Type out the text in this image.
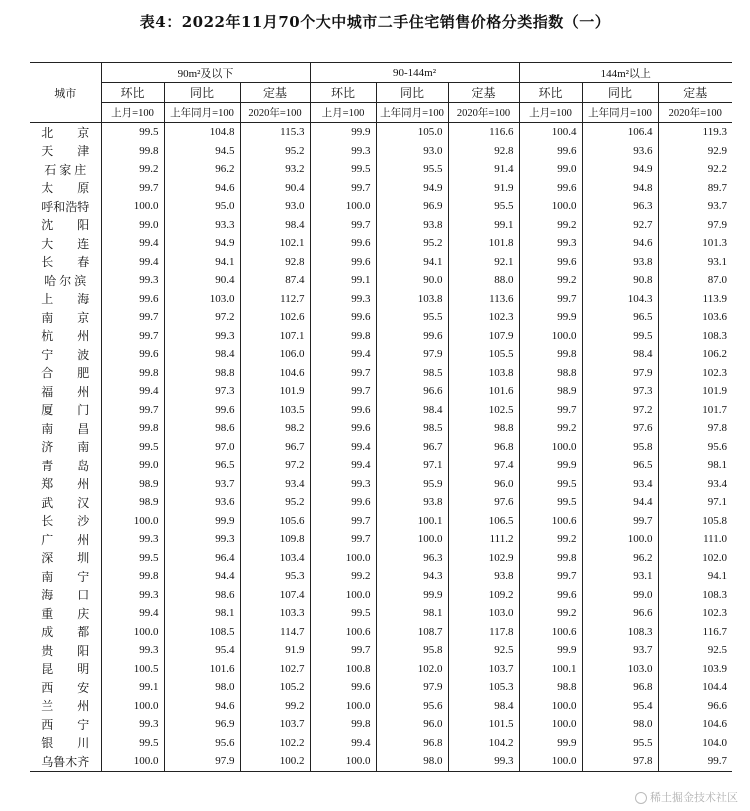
表4：2022年11月70个大中城市二手住宅销售价格分类指数（一）
城市	90m²及以下			90-144m²			144m²以上		
	环比	同比	定基	环比	同比	定基	环比	同比	定基
	上月=100	上年同月=100	2020年=100	上月=100	上年同月=100	2020年=100	上月=100	上年同月=100	2020年=100
北　　京	99.5	104.8	115.3	99.9	105.0	116.6	100.4	106.4	119.3
天　　津	99.8	94.5	95.2	99.3	93.0	92.8	99.6	93.6	92.9
石 家 庄	99.2	96.2	93.2	99.5	95.5	91.4	99.0	94.9	92.2
太　　原	99.7	94.6	90.4	99.7	94.9	91.9	99.6	94.8	89.7
呼和浩特	100.0	95.0	93.0	100.0	96.9	95.5	100.0	96.3	93.7
沈　　阳	99.0	93.3	98.4	99.7	93.8	99.1	99.2	92.7	97.9
大　　连	99.4	94.9	102.1	99.6	95.2	101.8	99.3	94.6	101.3
长　　春	99.4	94.1	92.8	99.6	94.1	92.1	99.6	93.8	93.1
哈 尔 滨	99.3	90.4	87.4	99.1	90.0	88.0	99.2	90.8	87.0
上　　海	99.6	103.0	112.7	99.3	103.8	113.6	99.7	104.3	113.9
南　　京	99.7	97.2	102.6	99.6	95.5	102.3	99.9	96.5	103.6
杭　　州	99.7	99.3	107.1	99.8	99.6	107.9	100.0	99.5	108.3
宁　　波	99.6	98.4	106.0	99.4	97.9	105.5	99.8	98.4	106.2
合　　肥	99.8	98.8	104.6	99.7	98.5	103.8	98.8	97.9	102.3
福　　州	99.4	97.3	101.9	99.7	96.6	101.6	98.9	97.3	101.9
厦　　门	99.7	99.6	103.5	99.6	98.4	102.5	99.7	97.2	101.7
南　　昌	99.8	98.6	98.2	99.6	98.5	98.8	99.2	97.6	97.8
济　　南	99.5	97.0	96.7	99.4	96.7	96.8	100.0	95.8	95.6
青　　岛	99.0	96.5	97.2	99.4	97.1	97.4	99.9	96.5	98.1
郑　　州	98.9	93.7	93.4	99.3	95.9	96.0	99.5	93.4	93.4
武　　汉	98.9	93.6	95.2	99.6	93.8	97.6	99.5	94.4	97.1
长　　沙	100.0	99.9	105.6	99.7	100.1	106.5	100.6	99.7	105.8
广　　州	99.3	99.3	109.8	99.7	100.0	111.2	99.2	100.0	111.0
深　　圳	99.5	96.4	103.4	100.0	96.3	102.9	99.8	96.2	102.0
南　　宁	99.8	94.4	95.3	99.2	94.3	93.8	99.7	93.1	94.1
海　　口	99.3	98.6	107.4	100.0	99.9	109.2	99.6	99.0	108.3
重　　庆	99.4	98.1	103.3	99.5	98.1	103.0	99.2	96.6	102.3
成　　都	100.0	108.5	114.7	100.6	108.7	117.8	100.6	108.3	116.7
贵　　阳	99.3	95.4	91.9	99.7	95.8	92.5	99.9	93.7	92.5
昆　　明	100.5	101.6	102.7	100.8	102.0	103.7	100.1	103.0	103.9
西　　安	99.1	98.0	105.2	99.6	97.9	105.3	98.8	96.8	104.4
兰　　州	100.0	94.6	99.2	100.0	95.6	98.4	100.0	95.4	96.6
西　　宁	99.3	96.9	103.7	99.8	96.0	101.5	100.0	98.0	104.6
银　　川	99.5	95.6	102.2	99.4	96.8	104.2	99.9	95.5	104.0
乌鲁木齐	100.0	97.9	100.2	100.0	98.0	99.3	100.0	97.8	99.7
稀土掘金技术社区
